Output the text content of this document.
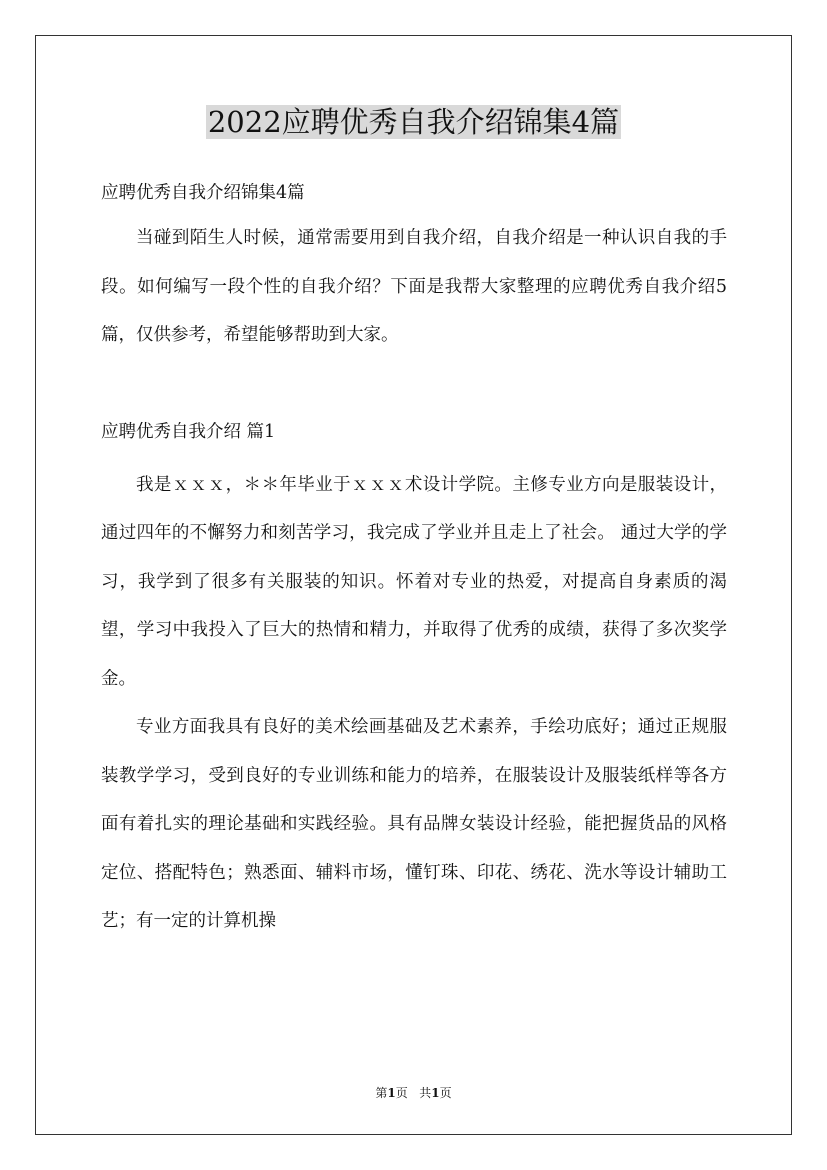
2022应聘优秀自我介绍锦集4篇
应聘优秀自我介绍锦集4篇

当碰到陌生人时候，通常需要用到自我介绍，自我介绍是一种认识自我的手段。如何编写一段个性的自我介绍？下面是我帮大家整理的应聘优秀自我介绍5篇，仅供参考，希望能够帮助到大家。

应聘优秀自我介绍 篇1

我是ｘｘｘ，＊＊年毕业于ｘｘｘ术设计学院。主修专业方向是服装设计，通过四年的不懈努力和刻苦学习，我完成了学业并且走上了社会。 通过大学的学习，我学到了很多有关服装的知识。怀着对专业的热爱，对提高自身素质的渴望，学习中我投入了巨大的热情和精力，并取得了优秀的成绩，获得了多次奖学金。

专业方面我具有良好的美术绘画基础及艺术素养，手绘功底好；通过正规服装教学学习，受到良好的专业训练和能力的培养，在服装设计及服装纸样等各方面有着扎实的理论基础和实践经验。具有品牌女装设计经验，能把握货品的风格定位、搭配特色；熟悉面、辅料市场，懂钉珠、印花、绣花、洗水等设计辅助工艺；有一定的计算机操

第1页 共1页
